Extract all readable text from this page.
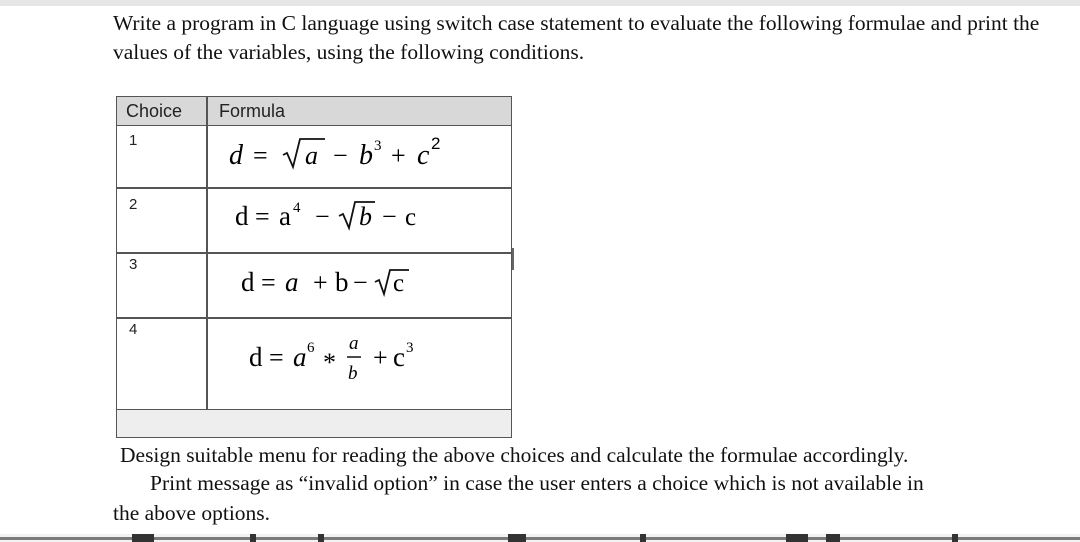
Write a program in C language using switch case statement to evaluate the following formulae and print the values of the variables, using the following conditions.

Choice Formula
1	d = a − b 3 + c 2
2	d = a 4 − b − c
3
d = a + b − c
4
d = a 6 *
a
b
+ c 3

Design suitable menu for reading the above choices and calculate the formulae accordingly.

Print message as “invalid option” in case the user enters a choice which is not available in

the above options.
